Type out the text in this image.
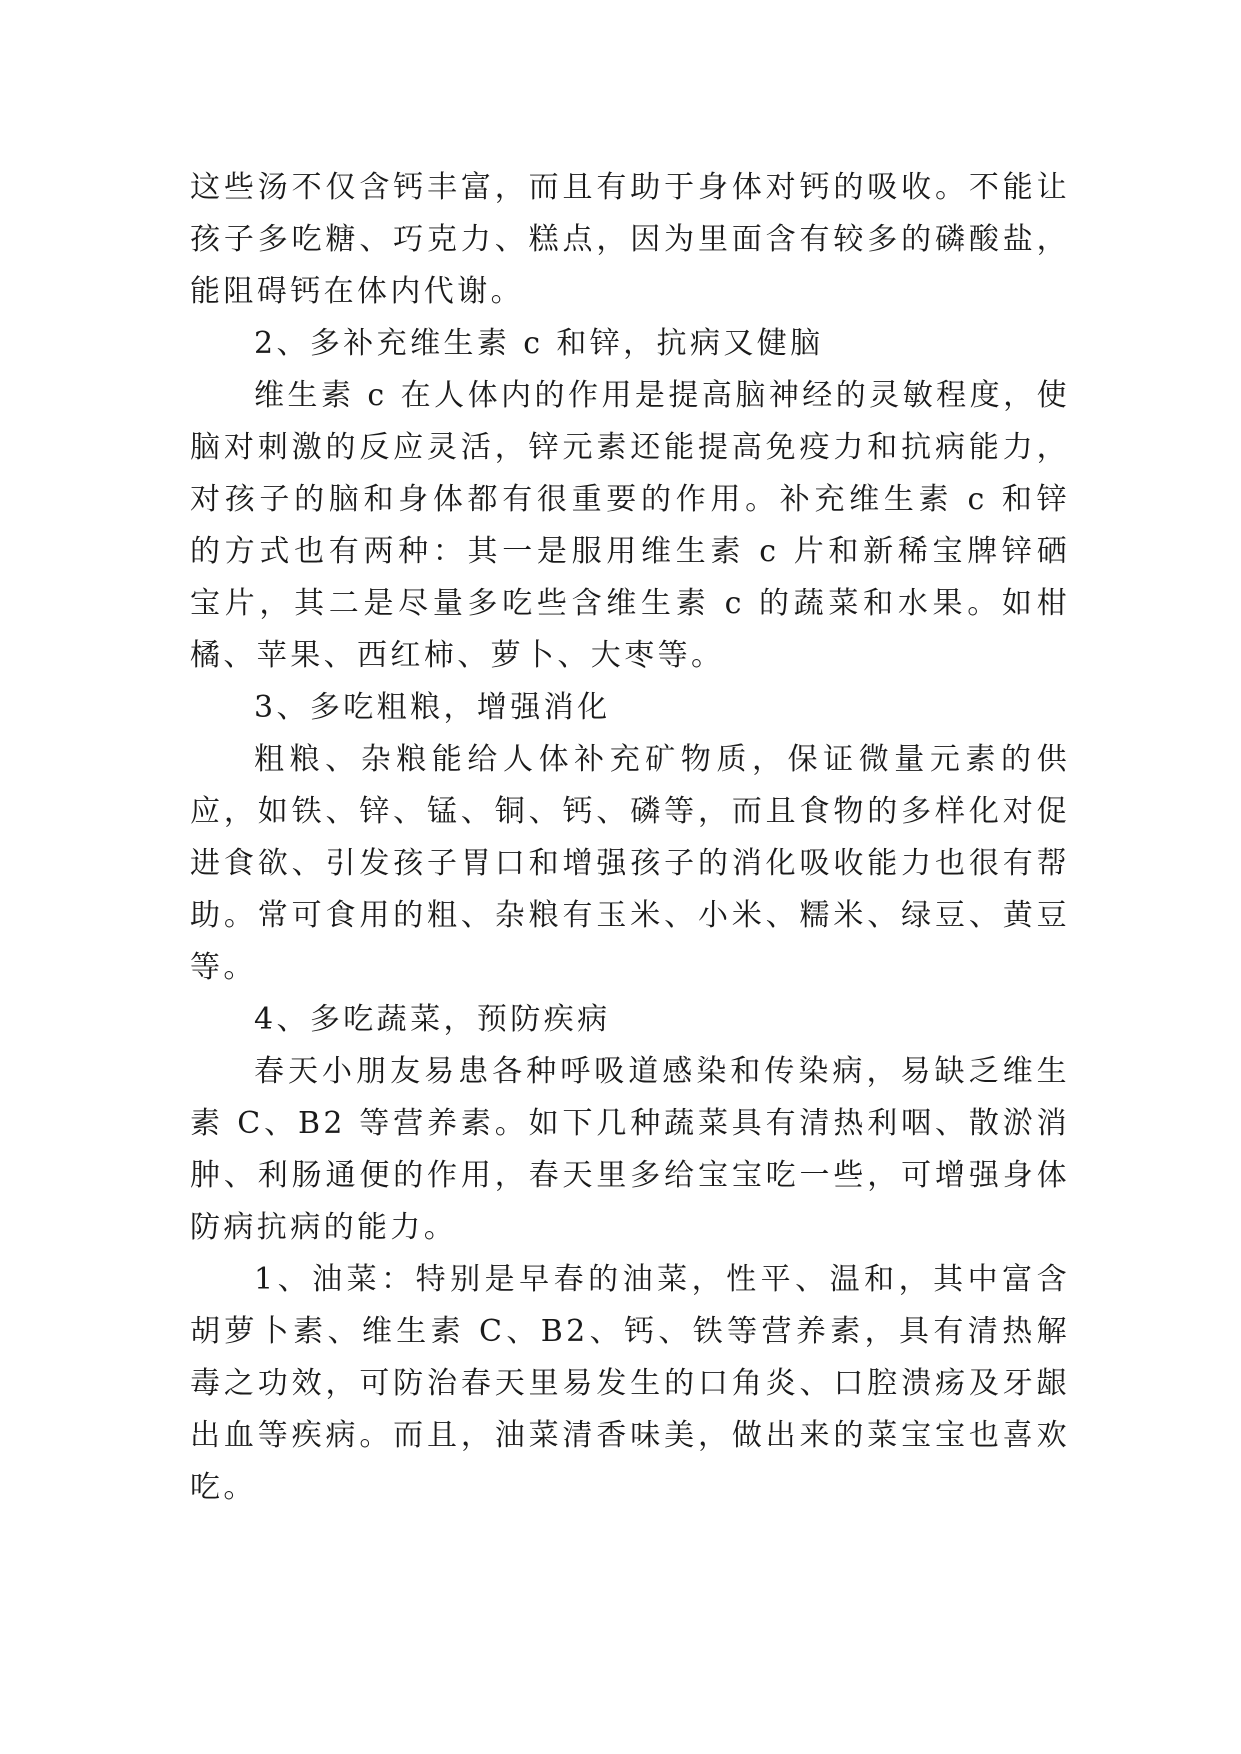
这些汤不仅含钙丰富，而且有助于身体对钙的吸收。不能让孩子多吃糖、巧克力、糕点，因为里面含有较多的磷酸盐，能阻碍钙在体内代谢。

2、多补充维生素 c 和锌，抗病又健脑

维生素 c 在人体内的作用是提高脑神经的灵敏程度，使脑对刺激的反应灵活，锌元素还能提高免疫力和抗病能力，对孩子的脑和身体都有很重要的作用。补充维生素 c 和锌的方式也有两种：其一是服用维生素 c 片和新稀宝牌锌硒宝片，其二是尽量多吃些含维生素 c 的蔬菜和水果。如柑橘、苹果、西红柿、萝卜、大枣等。

3、多吃粗粮，增强消化

粗粮、杂粮能给人体补充矿物质，保证微量元素的供应，如铁、锌、锰、铜、钙、磷等，而且食物的多样化对促进食欲、引发孩子胃口和增强孩子的消化吸收能力也很有帮助。常可食用的粗、杂粮有玉米、小米、糯米、绿豆、黄豆等。

4、多吃蔬菜，预防疾病

春天小朋友易患各种呼吸道感染和传染病，易缺乏维生素 C、B2 等营养素。如下几种蔬菜具有清热利咽、散淤消肿、利肠通便的作用，春天里多给宝宝吃一些，可增强身体防病抗病的能力。

1、油菜：特别是早春的油菜，性平、温和，其中富含胡萝卜素、维生素 C、B2、钙、铁等营养素，具有清热解毒之功效，可防治春天里易发生的口角炎、口腔溃疡及牙龈出血等疾病。而且，油菜清香味美，做出来的菜宝宝也喜欢吃。
